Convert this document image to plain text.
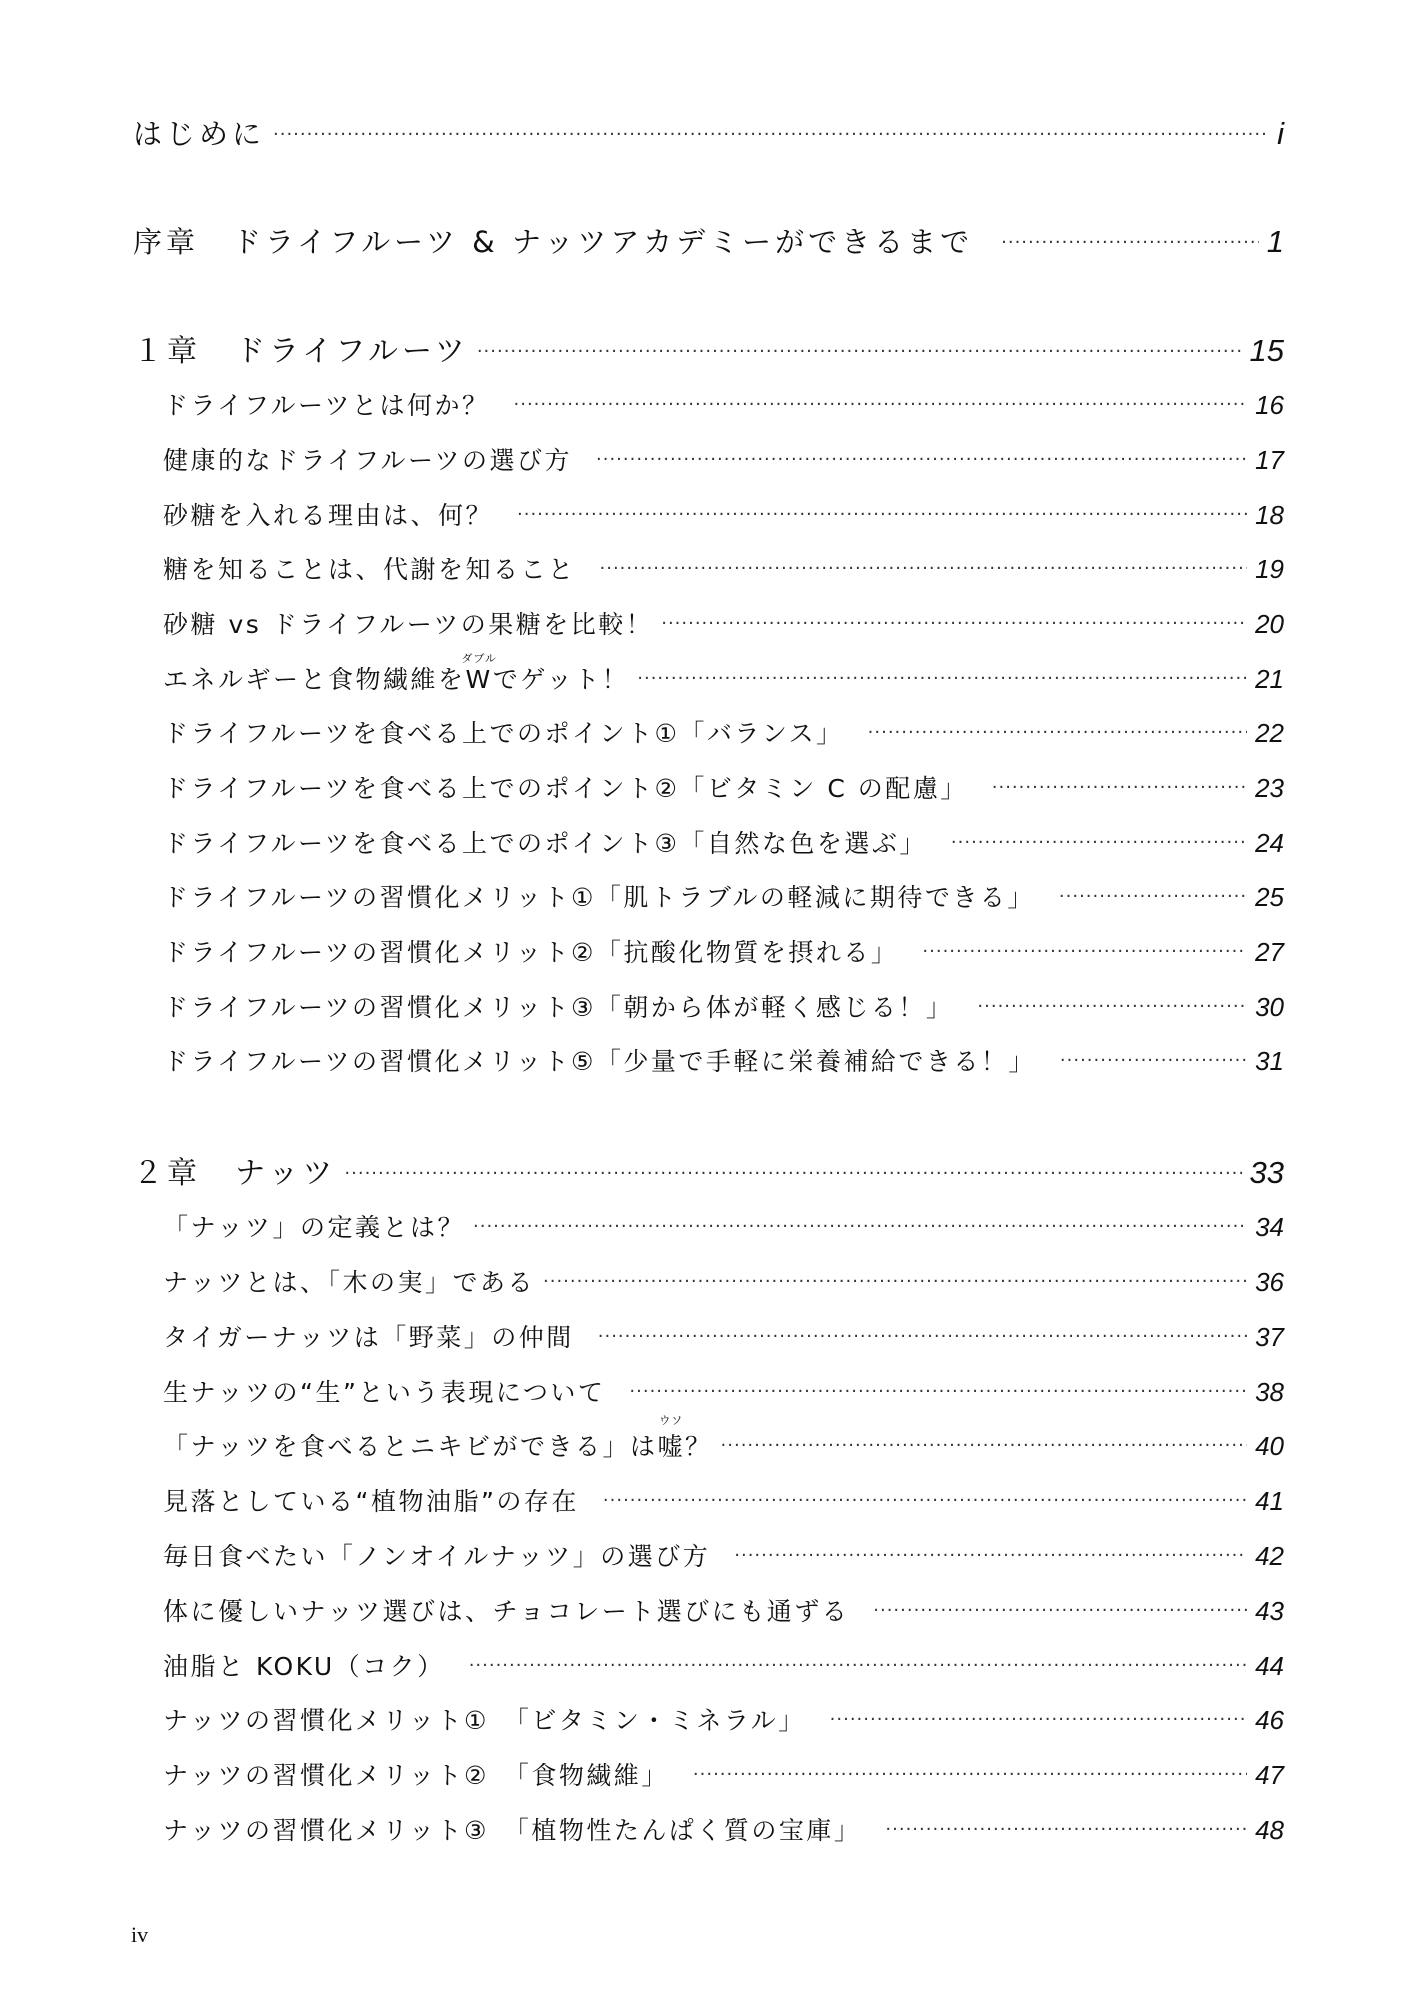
はじめに ·····	i
序章　ドライフルーツ & ナッツアカデミーができるまで ·····	1
１章　ドライフルーツ ·····	15
ドライフルーツとは何か？ ·····	16
健康的なドライフルーツの選び方 ·····	17
砂糖を入れる理由は、何？ ·····	18
糖を知ることは、代謝を知ること ·····	19
砂糖 vs ドライフルーツの果糖を比較！ ·····	20
エネルギーと食物繊維を
ダブル
Wでゲット！ ·····	21
ドライフルーツを食べる上でのポイント①「バランス」 ·····	22
ドライフルーツを食べる上でのポイント②「ビタミン C の配慮」 ·····	23
ドライフルーツを食べる上でのポイント③「自然な色を選ぶ」 ·····	24
ドライフルーツの習慣化メリット①「肌トラブルの軽減に期待できる」 ·····	25
ドライフルーツの習慣化メリット②「抗酸化物質を摂れる」 ·····	27
ドライフルーツの習慣化メリット③「朝から体が軽く感じる！」 ·····	30
ドライフルーツの習慣化メリット⑤「少量で手軽に栄養補給できる！」 ·····	31
２章　ナッツ ·····	33
「ナッツ」の定義とは？ ·····	34
ナッツとは、「木の実」である ·····	36
タイガーナッツは「野菜」の仲間 ·····	37
生ナッツの“生”という表現について ·····	38
「ナッツを食べるとニキビができる」は
ウソ
嘘？ ·····	40
見落としている“植物油脂”の存在 ·····	41
毎日食べたい「ノンオイルナッツ」の選び方 ·····	42
体に優しいナッツ選びは、チョコレート選びにも通ずる ·····	43
油脂と KOKU（コク） ·····	44
ナッツの習慣化メリット①　「ビタミン・ミネラル」 ·····	46
ナッツの習慣化メリット②　「食物繊維」 ·····	47
ナッツの習慣化メリット③　「植物性たんぱく質の宝庫」 ·····	48
iv
